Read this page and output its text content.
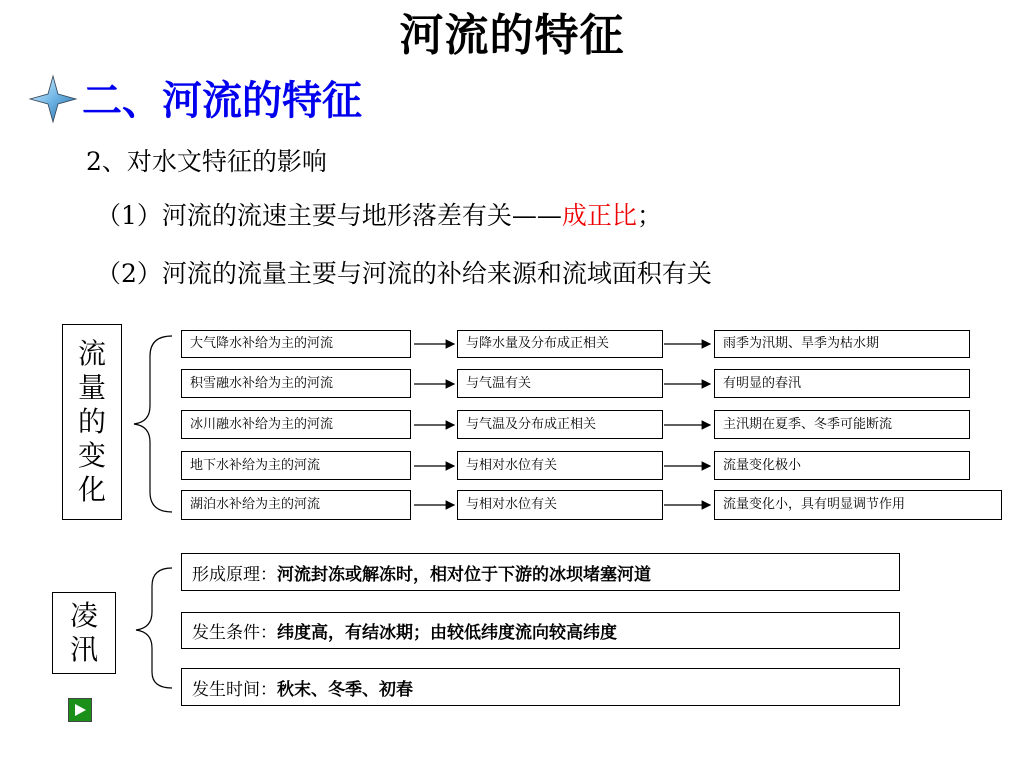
河流的特征
二、河流的特征
2、对水文特征的影响
（1）河流的流速主要与地形落差有关——成正比；
（2）河流的流量主要与河流的补给来源和流域面积有关
流
量
的
变
化
大气降水补给为主的河流	与降水量及分布成正相关	雨季为汛期、旱季为枯水期
积雪融水补给为主的河流	与气温有关	有明显的春汛
冰川融水补给为主的河流	与气温及分布成正相关	主汛期在夏季、冬季可能断流
地下水补给为主的河流	与相对水位有关	流量变化极小
湖泊水补给为主的河流	与相对水位有关	流量变化小，具有明显调节作用
凌
汛
形成原理： 河流封冻或解冻时，相对位于下游的冰坝堵塞河道
发生条件： 纬度高，有结冰期；由较低纬度流向较高纬度
发生时间： 秋末、冬季、初春
